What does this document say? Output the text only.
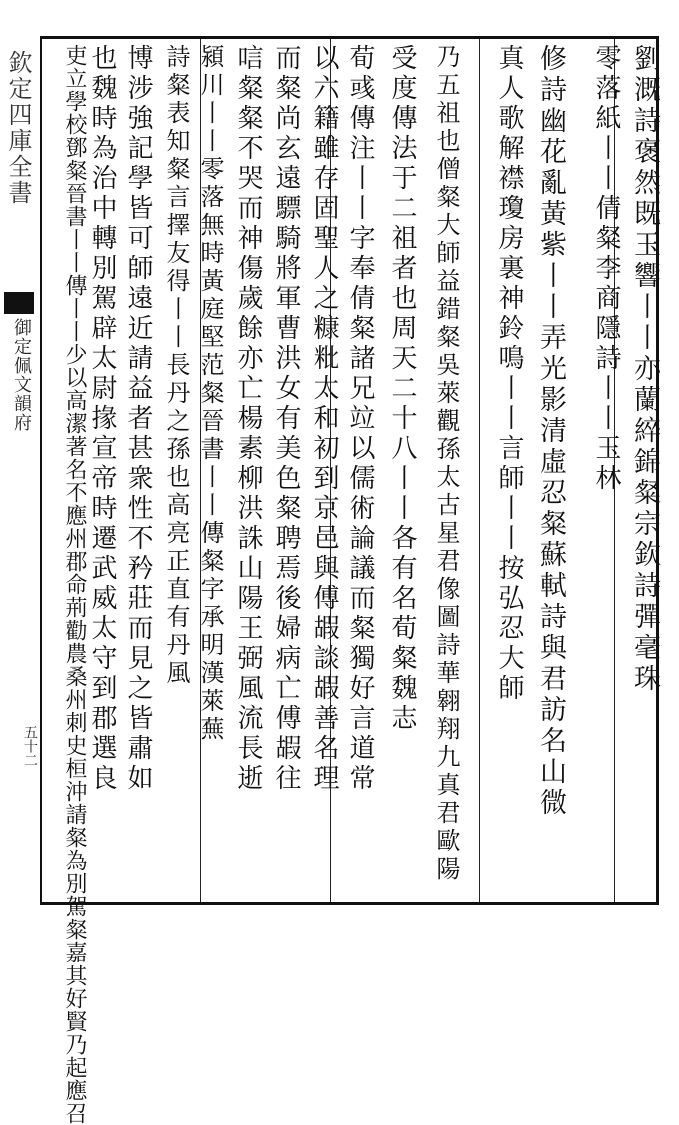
欽定四庫全書
御定佩文韻府
五十二
劉溉詩褒然既玉響丨丨亦蘭綷錦粲宗欽詩彈毫珠
零落紙丨丨倩粲李商隱詩丨丨玉林
修詩幽花亂黃紫丨丨弄光影清虛忍粲蘇軾詩與君訪名山微
真人歌解襟瓊房裏神鈴鳴丨丨言師丨丨按弘忍大師
乃五祖也僧粲大師益錯粲吳萊觀孫太古星君像圖詩華翱翔九真君歐陽
受度傳法于二祖者也周天二十八丨丨各有名荀粲魏志
荀彧傳注丨丨字奉倩粲諸兄竝以儒術論議而粲獨好言道常
以六籍雖存固聖人之糠粃太和初到京邑與傅嘏談嘏善名理
而粲尚玄遠驃騎將軍曹洪女有美色粲聘焉後婦病亡傅嘏往
唁粲粲不哭而神傷歲餘亦亡楊素柳洪誅山陽王弼風流長逝
潁川丨丨零落無時黃庭堅范粲晉書丨丨傳粲字承明漢萊蕪
詩粲表知粲言擇友得丨丨長丹之孫也高亮正直有丹風
博涉強記學皆可師遠近請益者甚衆性不矜莊而見之皆肅如
也魏時為治中轉別駕辟太尉掾宣帝時遷武威太守到郡選良
吏立學校鄧粲晉書丨丨傳丨丨少以高潔著名不應州郡命荊勸農桑州刺史桓沖請粲為別駕粲嘉其好賢乃起應召
